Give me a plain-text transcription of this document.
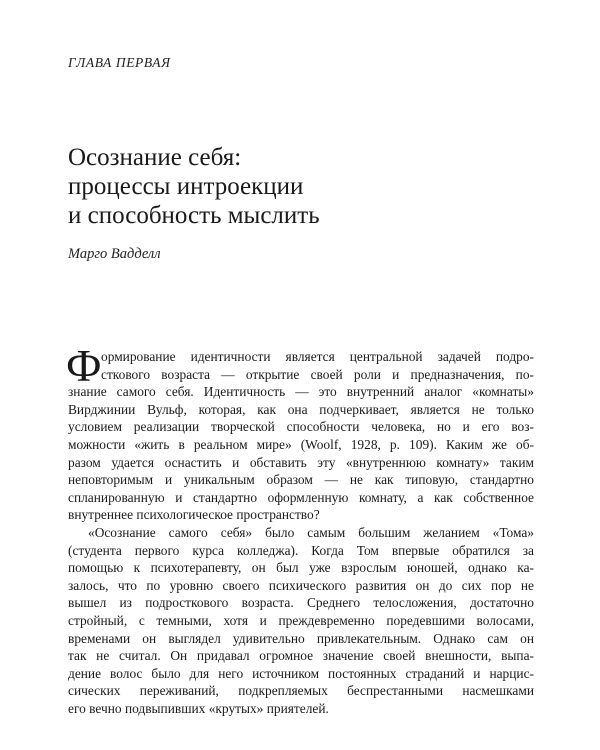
ГЛАВА ПЕРВАЯ
Осознание себя:
процессы интроекции
и способность мыслить
Марго Вадделл
Ф ормирование идентичности является центральной задачей подро-
сткового возраста — открытие своей роли и предназначения, по-
знание самого себя. Идентичность — это внутренний аналог «комнаты»
Вирджинии Вульф, которая, как она подчеркивает, является не только
условием реализации творческой способности человека, но и его воз-
можности «жить в реальном мире» (Woolf, 1928, p. 109). Каким же об-
разом удается оснастить и обставить эту «внутреннюю комнату» таким
неповторимым и уникальным образом — не как типовую, стандартно
спланированную и стандартно оформленную комнату, а как собственное
внутреннее психологическое пространство?
«Осознание самого себя» было самым большим желанием «Тома»
(студента первого курса колледжа). Когда Том впервые обратился за
помощью к психотерапевту, он был уже взрослым юношей, однако ка-
залось, что по уровню своего психического развития он до сих пор не
вышел из подросткового возраста. Среднего телосложения, достаточно
стройный, с темными, хотя и преждевременно поредевшими волосами,
временами он выглядел удивительно привлекательным. Однако сам он
так не считал. Он придавал огромное значение своей внешности, выпа-
дение волос было для него источником постоянных страданий и нарцис-
сических переживаний, подкрепляемых беспрестанными насмешками
его вечно подвыпивших «крутых» приятелей.
